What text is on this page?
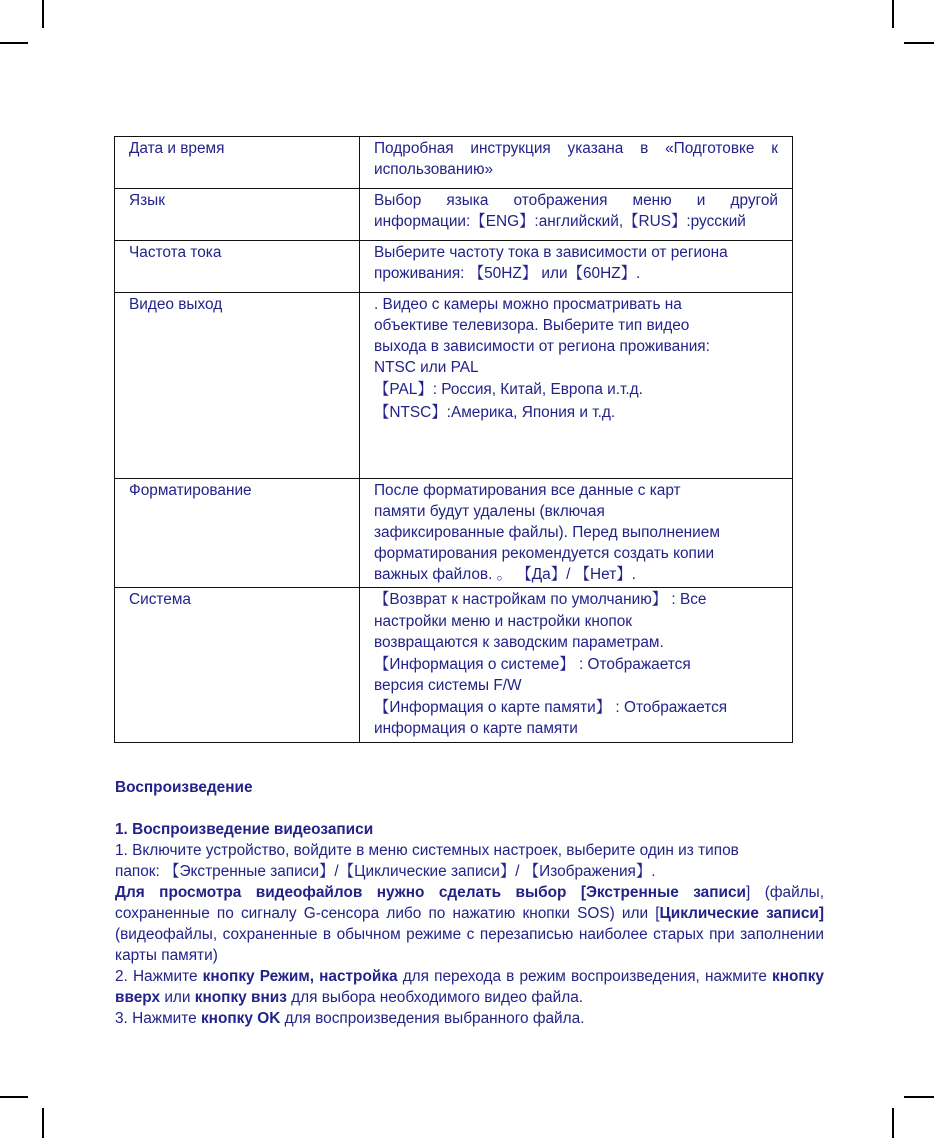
Дата и время	Подробная инструкция указана в «Подготовке к
использованию»

Язык	Выбор языка отображения меню и другой
информации:【ENG】:английский,【RUS】:русский

Частота тока	Выберите частоту тока в зависимости от региона
проживания: 【50HZ】 или【60HZ】.

Видео выход	. Видео с камеры можно просматривать на
объективе телевизора. Выберите тип видео
выхода в зависимости от региона проживания:
NTSC или PAL
【PAL】: Россия, Китай, Европа и.т.д.
【NTSC】:Америка, Япония и т.д.

Форматирование	После форматирования все данные с карт
памяти будут удалены (включая
зафиксированные файлы). Перед выполнением
форматирования рекомендуется создать копии
важных файлов. 。 【Да】/ 【Нет】.

Система	【Возврат к настройкам по умолчанию】 : Все
настройки меню и настройки кнопок
возвращаются к заводским параметрам.
【Информация о системе】 : Отображается
версия системы F/W
【Информация о карте памяти】 : Отображается
информация о карте памяти
Воспроизведение
1. Воспроизведение видеозаписи
1. Включите устройство, войдите в меню системных настроек, выберите один из типов
папок: 【Экстренные записи】/【Циклические записи】/ 【Изображения】.
Для просмотра видеофайлов нужно сделать выбор [Экстренные записи] (файлы, сохраненные по сигналу G-сенсора либо по нажатию кнопки SOS) или [Циклические записи] (видеофайлы, сохраненные в обычном режиме с перезаписью наиболее старых при заполнении карты памяти)
2. Нажмите кнопку Режим, настройка для перехода в режим воспроизведения, нажмите кнопку вверх или кнопку вниз для выбора необходимого видео файла.
3. Нажмите кнопку OK для воспроизведения выбранного файла.
